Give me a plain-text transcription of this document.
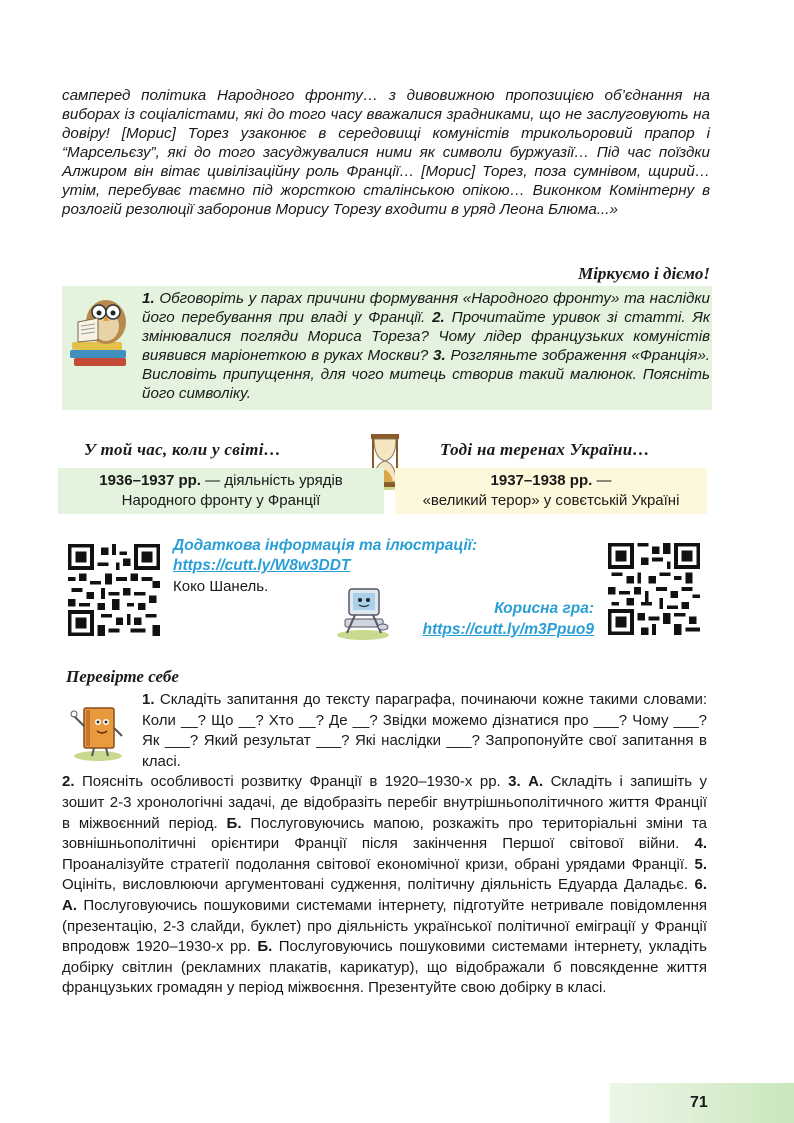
сампеpед політика Народного фронту… з дивовижною пропозицією об’єднання на виборах із соціалістами, які до того часу вважалися зрадниками, що не заслуговують на довіру! [Морис] Торез узаконює в середовищі комуністів трикольоровий прапор і “Марсельєзу”, які до того засуджувалися ними як символи буржуазії… Під час поїздки Алжиром він вітає цивілізаційну роль Франції… [Морис] Торез, поза сумнівом, щирий… утім, перебуває таємно під жорсткою сталінською опікою… Виконком Комінтерну в розлогій резолюції заборонив Морису Торезу входити в уряд Леона Блюма...»

Міркуємо і діємо!

1. Обговоріть у парах причини формування «Народного фронту» та наслідки його перебування при владі у Франції. 2. Прочитайте уривок зі статті. Як змінювалися погляди Мориса Тореза? Чому лідер французьких комуністів виявився маріонеткою в руках Москви? 3. Розгляньте зображення «Франція». Висловіть припущення, для чого митець створив такий малюнок. Поясніть його символіку.

У той час, коли у світі…	Тоді на теренах України…
1936–1937 рр. — діяльність урядів
Народного фронту у Франції
1937–1938 рр. —
«великий терор» у совєтській Україні
Додаткова інформація та ілюстрації:
https://cutt.ly/W8w3DDT
Коко Шанель.
Корисна гра:
https://cutt.ly/m3Ppuo9
Перевірте себе
1. Складіть запитання до тексту параграфа, починаючи кожне такими словами: Коли __? Що __? Хто __? Де __? Звідки можемо дізнатися про ___? Чому ___? Як ___? Який результат ___? Які наслідки ___? Запропонуйте свої запитання в класі.
2. Поясніть особливості розвитку Франції в 1920–1930-х рр. 3. А. Складіть і запишіть у зошит 2-3 хронологічні задачі, де відобразіть перебіг внутрішньополітичного життя Франції в міжвоєнний період. Б. Послуговуючись мапою, розкажіть про територіальні зміни та зовнішньополітичні орієнтири Франції після закінчення Першої світової війни. 4. Проаналізуйте стратегії подолання світової економічної кризи, обрані урядами Франції. 5. Оцініть, висловлюючи аргументовані судження, політичну діяльність Едуарда Даладьє. 6. А. Послуговуючись пошуковими системами інтернету, підготуйте нетривале повідомлення (презентацію, 2-3 слайди, буклет) про діяльність української політичної еміграції у Франції впродовж 1920–1930-х рр. Б. Послуговуючись пошуковими системами інтернету, укладіть добірку світлин (рекламних плакатів, карикатур), що відображали б повсякденне життя французьких громадян у період міжвоєння. Презентуйте свою добірку в класі.
71
